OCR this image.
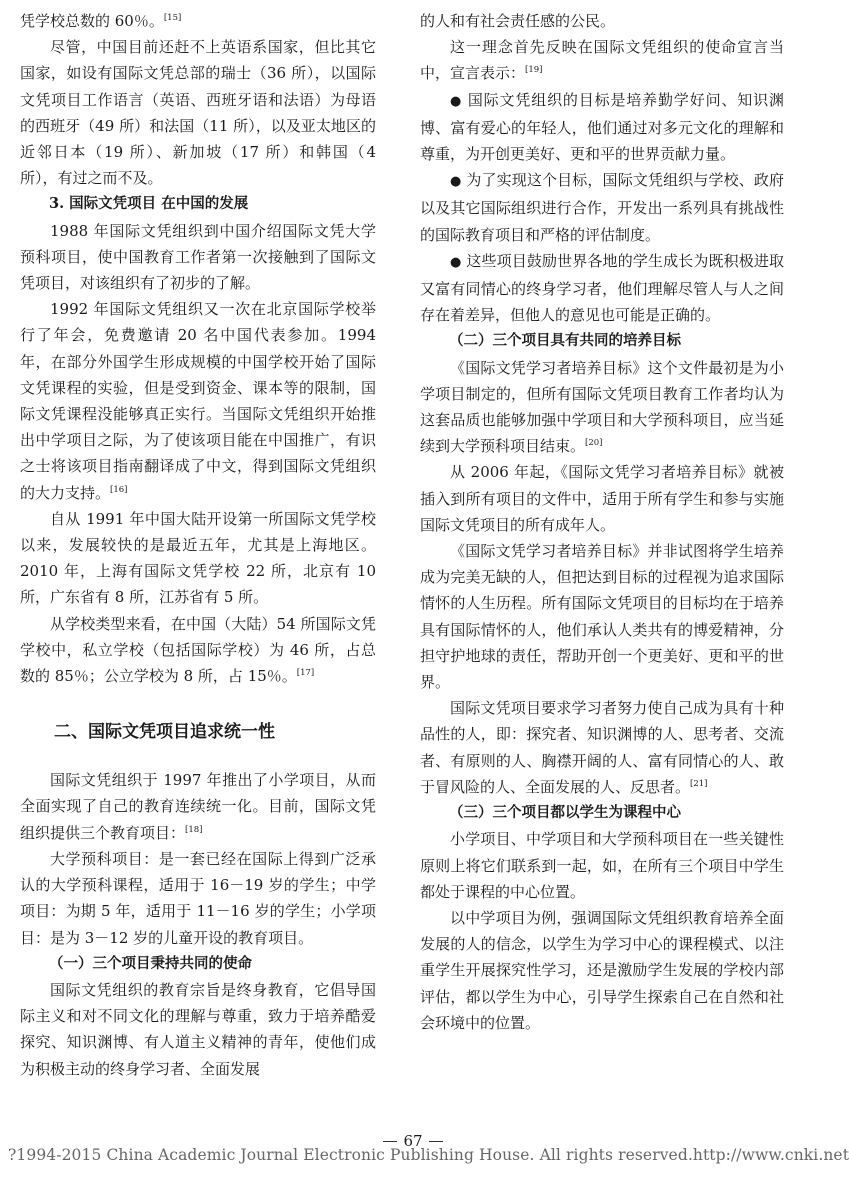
凭学校总数的 60％。[15]

尽管，中国目前还赶不上英语系国家，但比其它国家，如设有国际文凭总部的瑞士（36 所），以国际文凭项目工作语言（英语、西班牙语和法语）为母语的西班牙（49 所）和法国（11 所），以及亚太地区的近邻日本（19 所）、新加坡（17 所）和韩国（4所），有过之而不及。

3. 国际文凭项目 在中国的发展

1988 年国际文凭组织到中国介绍国际文凭大学预科项目，使中国教育工作者第一次接触到了国际文凭项目，对该组织有了初步的了解。

1992 年国际文凭组织又一次在北京国际学校举行了年会，免费邀请 20 名中国代表参加。1994 年，在部分外国学生形成规模的中国学校开始了国际文凭课程的实验，但是受到资金、课本等的限制，国际文凭课程没能够真正实行。当国际文凭组织开始推出中学项目之际，为了使该项目能在中国推广，有识之士将该项目指南翻译成了中文，得到国际文凭组织的大力支持。[16]

自从 1991 年中国大陆开设第一所国际文凭学校以来，发展较快的是最近五年，尤其是上海地区。2010 年，上海有国际文凭学校 22 所，北京有 10 所，广东省有 8 所，江苏省有 5 所。

从学校类型来看，在中国（大陆）54 所国际文凭学校中，私立学校（包括国际学校）为 46 所，占总数的 85％；公立学校为 8 所，占 15％。[17]

二、国际文凭项目追求统一性

国际文凭组织于 1997 年推出了小学项目，从而全面实现了自己的教育连续统一化。目前，国际文凭组织提供三个教育项目：[18]

大学预科项目：是一套已经在国际上得到广泛承认的大学预科课程，适用于 16－19 岁的学生；中学项目：为期 5 年，适用于 11－16 岁的学生；小学项目：是为 3－12 岁的儿童开设的教育项目。

（一）三个项目秉持共同的使命

国际文凭组织的教育宗旨是终身教育，它倡导国际主义和对不同文化的理解与尊重，致力于培养酷爱探究、知识渊博、有人道主义精神的青年，使他们成为积极主动的终身学习者、全面发展

的人和有社会责任感的公民。

这一理念首先反映在国际文凭组织的使命宣言当中，宣言表示：[19]

● 国际文凭组织的目标是培养勤学好问、知识渊博、富有爱心的年轻人，他们通过对多元文化的理解和尊重，为开创更美好、更和平的世界贡献力量。

● 为了实现这个目标，国际文凭组织与学校、政府以及其它国际组织进行合作，开发出一系列具有挑战性的国际教育项目和严格的评估制度。

● 这些项目鼓励世界各地的学生成长为既积极进取又富有同情心的终身学习者，他们理解尽管人与人之间存在着差异，但他人的意见也可能是正确的。

（二）三个项目具有共同的培养目标

《国际文凭学习者培养目标》这个文件最初是为小学项目制定的，但所有国际文凭项目教育工作者均认为这套品质也能够加强中学项目和大学预科项目，应当延续到大学预科项目结束。[20]

从 2006 年起，《国际文凭学习者培养目标》就被插入到所有项目的文件中，适用于所有学生和参与实施国际文凭项目的所有成年人。

《国际文凭学习者培养目标》并非试图将学生培养成为完美无缺的人，但把达到目标的过程视为追求国际情怀的人生历程。所有国际文凭项目的目标均在于培养具有国际情怀的人，他们承认人类共有的博爱精神，分担守护地球的责任，帮助开创一个更美好、更和平的世界。

国际文凭项目要求学习者努力使自己成为具有十种品性的人，即：探究者、知识渊博的人、思考者、交流者、有原则的人、胸襟开阔的人、富有同情心的人、敢于冒风险的人、全面发展的人、反思者。[21]

（三）三个项目都以学生为课程中心

小学项目、中学项目和大学预科项目在一些关键性原则上将它们联系到一起，如，在所有三个项目中学生都处于课程的中心位置。

以中学项目为例，强调国际文凭组织教育培养全面发展的人的信念，以学生为学习中心的课程模式、以注重学生开展探究性学习，还是激励学生发展的学校内部评估，都以学生为中心，引导学生探索自己在自然和社会环境中的位置。

67
?1994-2015 China Academic Journal Electronic Publishing House. All rights reserved. http://www.cnki.net
